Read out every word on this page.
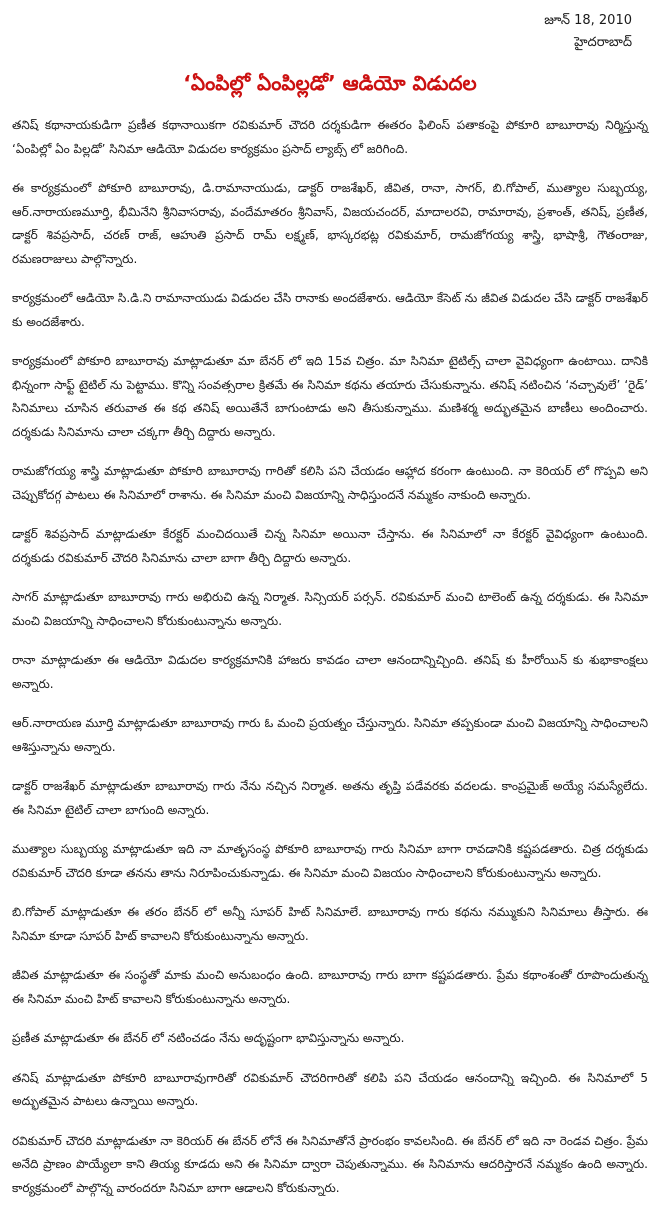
జూన్ 18, 2010
హైదరాబాద్
‘ఏంపిల్లో ఏంపిల్లడో’ ఆడియో విడుదల

తనిష్ కథానాయకుడిగా ప్రణీత కథానాయికగా రవికుమార్ చౌదరి దర్శకుడిగా ఈతరం ఫిలింస్ పతాకంపై పోకూరి బాబూరావు నిర్మిస్తున్న ‘ఏంపిల్లో ఏం పిల్లడో’ సినిమా ఆడియో విడుదల కార్యక్రమం ప్రసాద్ ల్యాబ్స్ లో జరిగింది.

ఈ కార్యక్రమంలో పోకూరి బాబూరావు, డి.రామానాయుడు, డాక్టర్ రాజశేఖర్, జీవిత, రానా, సాగర్, బి.గోపాల్, ముత్యాల సుబ్బయ్య, ఆర్.నారాయణమూర్తి, భీమినేని శ్రీనివాసరావు, వందేమాతరం శ్రీనివాస్, విజయచందర్, మాదాలరవి, రామారావు, ప్రశాంత్, తనిష్, ప్రణీత, డాక్టర్ శివప్రసాద్, చరణ్ రాజ్, ఆహుతి ప్రసాద్ రామ్ లక్ష్మణ్, భాస్కరభట్ల రవికుమార్, రామజోగయ్య శాస్త్రి, భాషాశ్రీ, గౌతంరాజు, రమణరాజులు పాల్గొన్నారు.

కార్యక్రమంలో ఆడియో సి.డి.ని రామానాయుడు విడుదల చేసి రానాకు అందజేశారు. ఆడియో కేసెట్ ను జీవిత విడుదల చేసి డాక్టర్ రాజశేఖర్ కు అందజేశారు.

కార్యక్రమంలో పోకూరి బాబూరావు మాట్లాడుతూ మా బేనర్ లో ఇది 15వ చిత్రం. మా సినిమా టైటిల్స్ చాలా వైవిధ్యంగా ఉంటాయి. దానికి భిన్నంగా సాఫ్ట్ టైటిల్ ను పెట్టాము. కొన్ని సంవత్సరాల క్రితమే ఈ సినిమా కథను తయారు చేసుకున్నాను. తనిష్ నటించిన ‘నచ్చావులే’ ‘రైడ్’ సినిమాలు చూసిన తరువాత ఈ కథ తనిష్ అయితేనే బాగుంటాడు అని తీసుకున్నాము. మణిశర్మ అద్భుతమైన బాణీలు అందించారు. దర్శకుడు సినిమాను చాలా చక్కగా తీర్చి దిద్దారు అన్నారు.

రామజోగయ్య శాస్త్రి మాట్లాడుతూ పోకూరి బాబూరావు గారితో కలిసి పని చేయడం ఆహ్లాద కరంగా ఉంటుంది. నా కెరియర్ లో గొప్పవి అని చెప్పుకోదగ్గ పాటలు ఈ సినిమాలో రాశాను. ఈ సినిమా మంచి విజయాన్ని సాధిస్తుందనే నమ్మకం నాకుంది అన్నారు.

డాక్టర్ శివప్రసాద్ మాట్లాడుతూ కేరక్టర్ మంచిదయితే చిన్న సినిమా అయినా చేస్తాను. ఈ సినిమాలో నా కేరక్టర్ వైవిధ్యంగా ఉంటుంది. దర్శకుడు రవికుమార్ చౌదరి సినిమాను చాలా బాగా తీర్చి దిద్దారు అన్నారు.

సాగర్ మాట్లాడుతూ బాబూరావు గారు అభిరుచి ఉన్న నిర్మాత. సిన్సియర్ పర్సన్. రవికుమార్ మంచి టాలెంట్ ఉన్న దర్శకుడు. ఈ సినిమా మంచి విజయాన్ని సాధించాలని కోరుకుంటున్నాను అన్నారు.

రానా మాట్లాడుతూ ఈ ఆడియో విడుదల కార్యక్రమానికి హాజరు కావడం చాలా ఆనందాన్నిచ్చింది. తనిష్ కు హీరోయిన్ కు శుభాకాంక్షలు అన్నారు.

ఆర్.నారాయణ మూర్తి మాట్లాడుతూ బాబూరావు గారు ఓ మంచి ప్రయత్నం చేస్తున్నారు. సినిమా తప్పకుండా మంచి విజయాన్ని సాధించాలని ఆశిస్తున్నాను అన్నారు.

డాక్టర్ రాజశేఖర్ మాట్లాడుతూ బాబూరావు గారు నేను నచ్చిన నిర్మాత. అతను తృప్తి పడేవరకు వదలడు. కాంప్రమైజ్ అయ్యే సమస్యేలేదు. ఈ సినిమా టైటిల్ చాలా బాగుంది అన్నారు.

ముత్యాల సుబ్బయ్య మాట్లాడుతూ ఇది నా మాతృసంస్థ పోకూరి బాబూరావు గారు సినిమా బాగా రావడానికి కష్టపడతారు. చిత్ర దర్శకుడు రవికుమార్ చౌదరి కూడా తనను తాను నిరూపించుకున్నాడు. ఈ సినిమా మంచి విజయం సాధించాలని కోరుకుంటున్నాను అన్నారు.

బి.గోపాల్ మాట్లాడుతూ ఈ తరం బేనర్ లో అన్నీ సూపర్ హిట్ సినిమాలే. బాబూరావు గారు కథను నమ్ముకుని సినిమాలు తీస్తారు. ఈ సినిమా కూడా సూపర్ హిట్ కావాలని కోరుకుంటున్నాను అన్నారు.

జీవిత మాట్లాడుతూ ఈ సంస్థతో మాకు మంచి అనుబంధం ఉంది. బాబూరావు గారు బాగా కష్టపడతారు. ప్రేమ కథాంశంతో రూపొందుతున్న ఈ సినిమా మంచి హిట్ కావాలని కోరుకుంటున్నాను అన్నారు.

ప్రణీత మాట్లాడుతూ ఈ బేనర్ లో నటించడం నేను అదృష్టంగా భావిస్తున్నాను అన్నారు.

తనిష్ మాట్లాడుతూ పోకూరి బాబూరావుగారితో రవికుమార్ చౌదరిగారితో కలిపి పని చేయడం ఆనందాన్ని ఇచ్చింది. ఈ సినిమాలో 5 అద్భుతమైన పాటలు ఉన్నాయి అన్నారు.

రవికుమార్ చౌదరి మాట్లాడుతూ నా కెరియర్ ఈ బేనర్ లోనే ఈ సినిమాతోనే ప్రారంభం కావలసింది. ఈ బేనర్ లో ఇది నా రెండవ చిత్రం. ప్రేమ అనేది ప్రాణం పొయ్యేలా కాని తియ్య కూడదు అని ఈ సినిమా ద్వారా చెపుతున్నాము. ఈ సినిమాను ఆదరిస్తారనే నమ్మకం ఉంది అన్నారు. కార్యక్రమంలో పాల్గొన్న వారందరూ సినిమా బాగా ఆడాలని కోరుకున్నారు.
